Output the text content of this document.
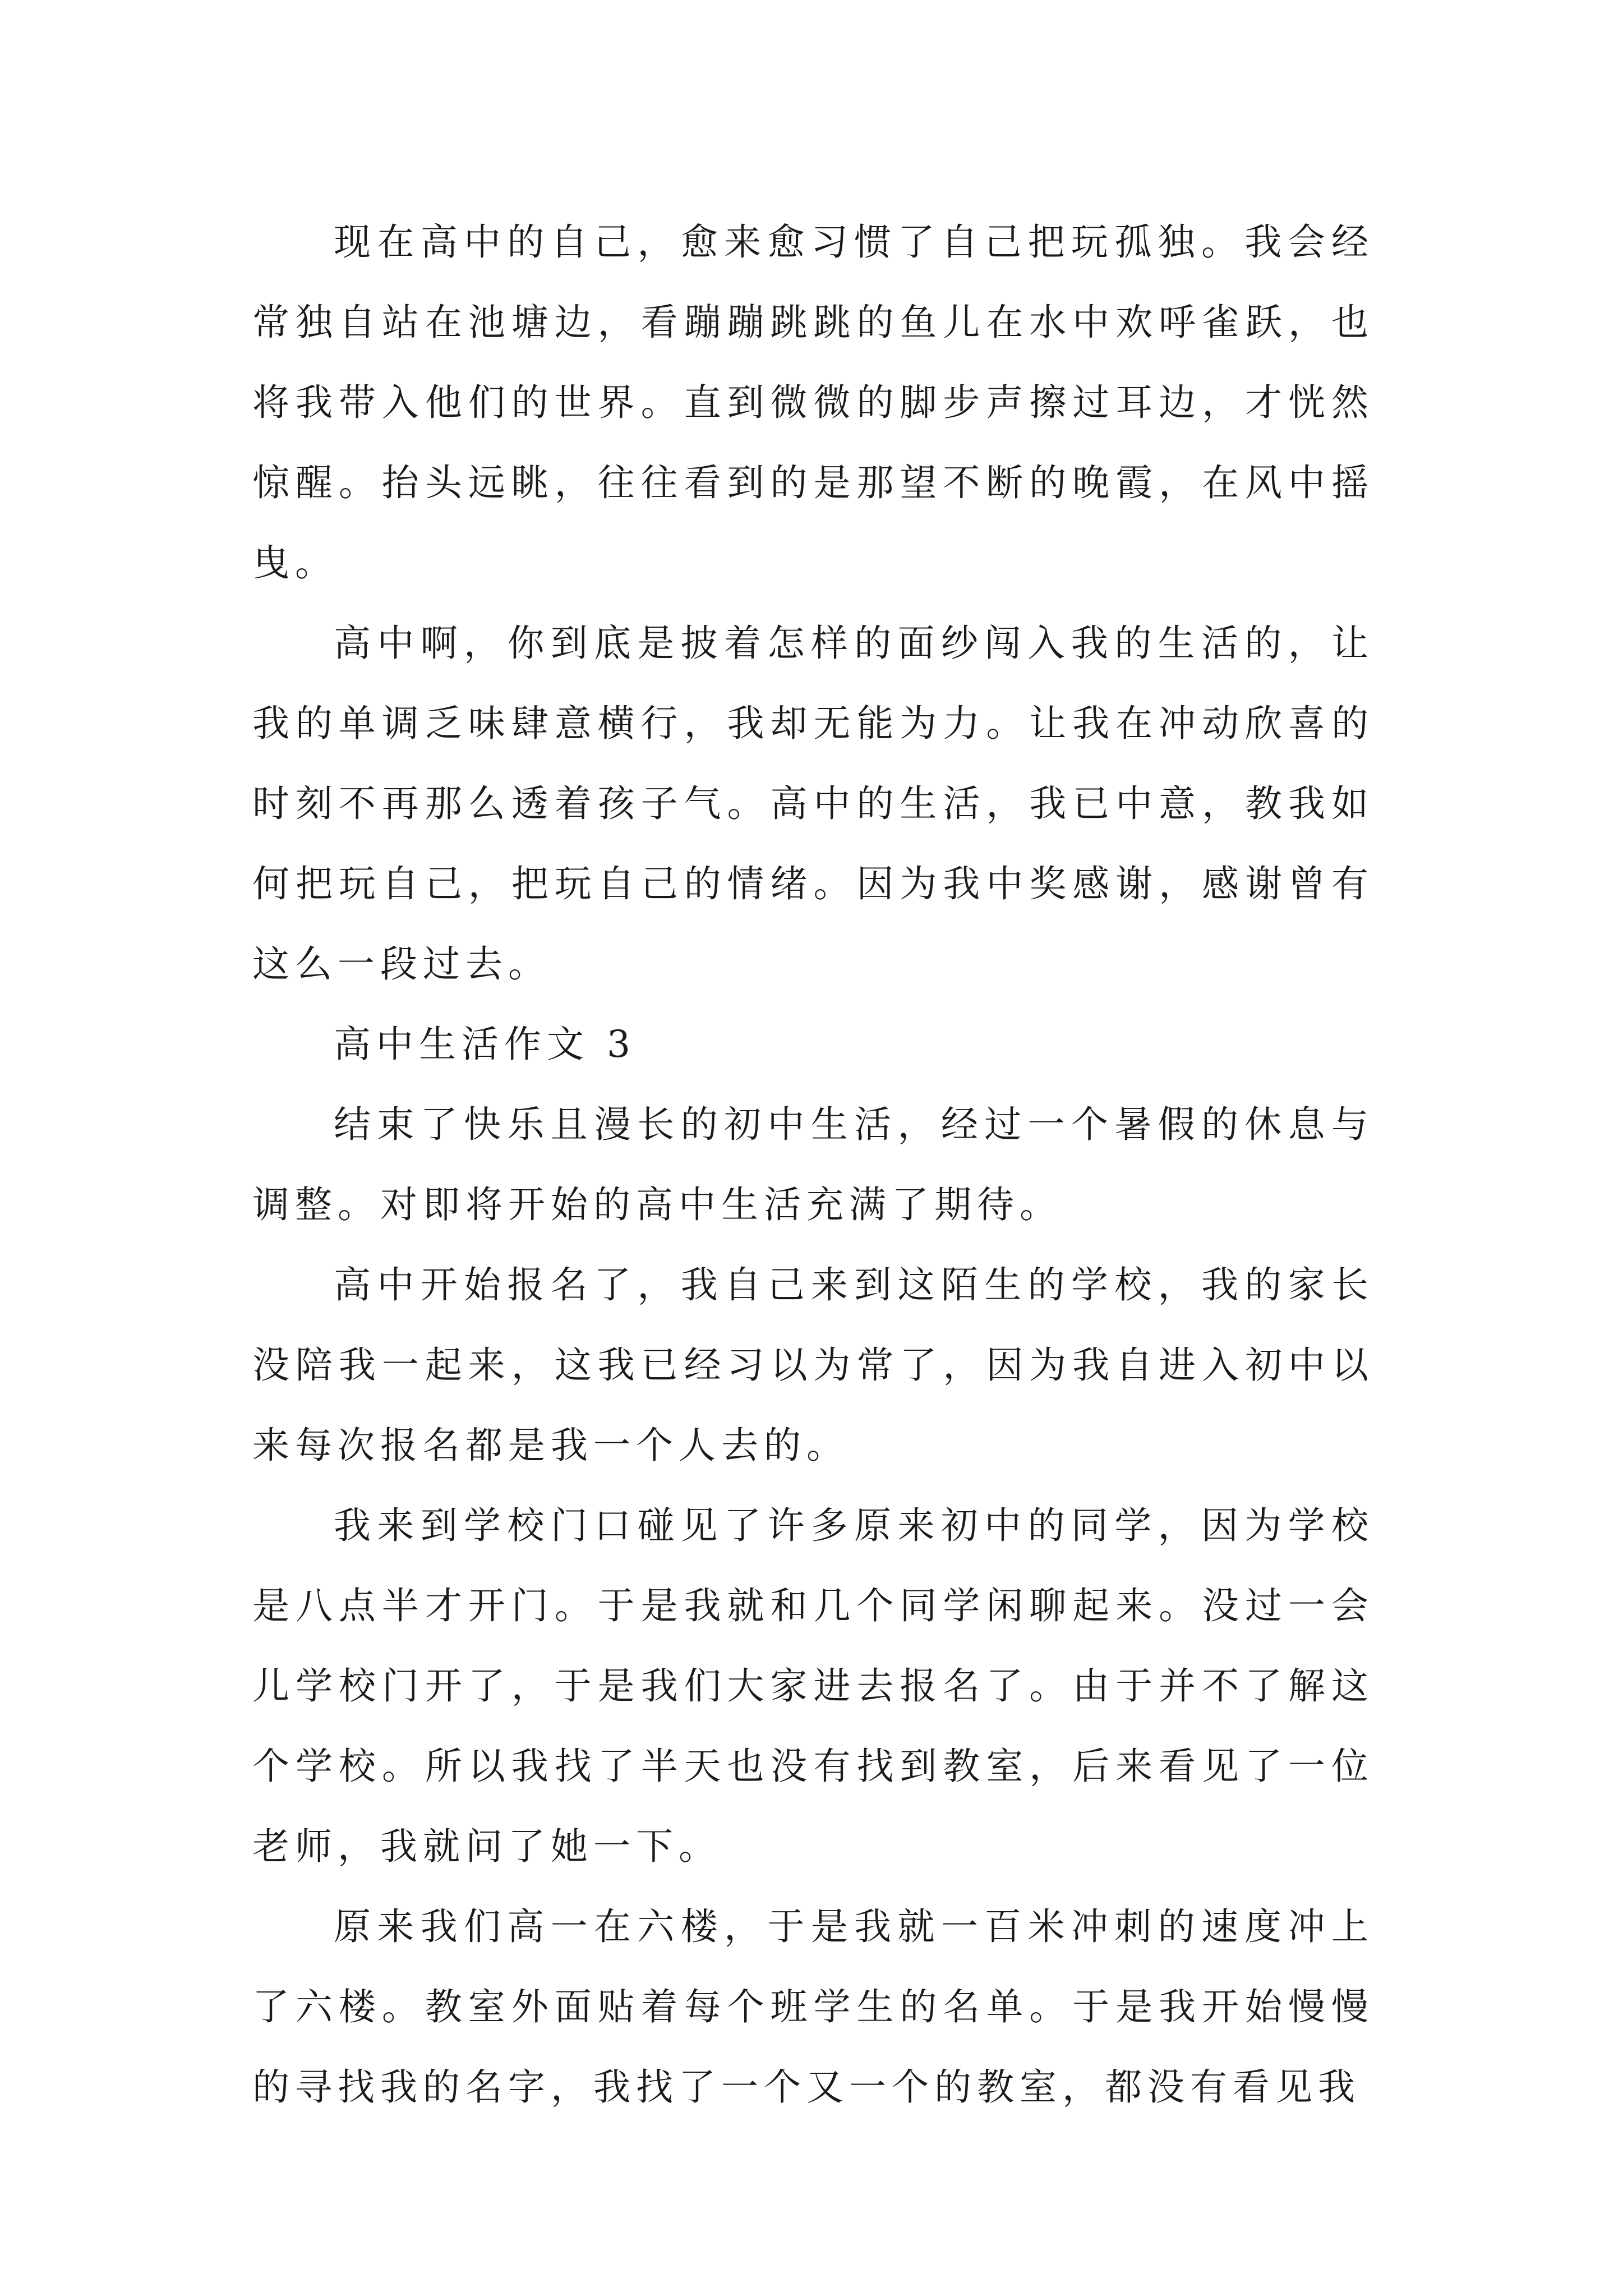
现在高中的自己，愈来愈习惯了自己把玩孤独。我会经常独自站在池塘边，看蹦蹦跳跳的鱼儿在水中欢呼雀跃，也将我带入他们的世界。直到微微的脚步声擦过耳边，才恍然惊醒。抬头远眺，往往看到的是那望不断的晚霞，在风中摇曳。

高中啊，你到底是披着怎样的面纱闯入我的生活的，让我的单调乏味肆意横行，我却无能为力。让我在冲动欣喜的时刻不再那么透着孩子气。高中的生活，我已中意，教我如何把玩自己，把玩自己的情绪。因为我中奖感谢，感谢曾有这么一段过去。

高中生活作文 3

结束了快乐且漫长的初中生活，经过一个暑假的休息与调整。对即将开始的高中生活充满了期待。

高中开始报名了，我自己来到这陌生的学校，我的家长没陪我一起来，这我已经习以为常了，因为我自进入初中以来每次报名都是我一个人去的。

我来到学校门口碰见了许多原来初中的同学，因为学校是八点半才开门。于是我就和几个同学闲聊起来。没过一会儿学校门开了，于是我们大家进去报名了。由于并不了解这个学校。所以我找了半天也没有找到教室，后来看见了一位老师，我就问了她一下。

原来我们高一在六楼，于是我就一百米冲刺的速度冲上了六楼。教室外面贴着每个班学生的名单。于是我开始慢慢的寻找我的名字，我找了一个又一个的教室，都没有看见我
